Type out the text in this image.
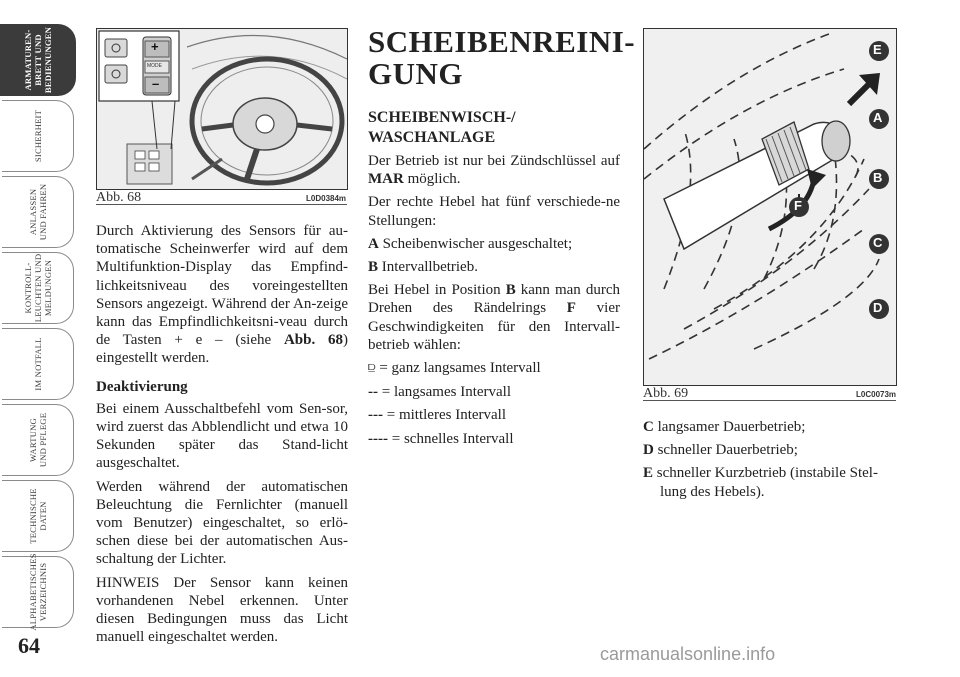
ARMATUREN- BRETT UND BEDIENUNGEN
SICHERHEIT
ANLASSEN UND FAHREN
KONTROLL- LEUCHTEN UND MELDUNGEN
IM NOTFALL
WARTUNG UND PFLEGE
TECHNISCHE DATEN
ALPHABETISCHES VERZEICHNIS
64
+
MODE
–
Abb. 68	L0D0384m

Durch Aktivierung des Sensors für au-tomatische Scheinwerfer wird auf dem Multifunktion-Display das Empfind-lichkeitsniveau des voreingestellten Sensors angezeigt. Während der An-zeige kann das Empfindlichkeitsni-veau durch de Tasten + e – (siehe Abb. 68) eingestellt werden.

Deaktivierung

Bei einem Ausschaltbefehl vom Sen-sor, wird zuerst das Abblendlicht und etwa 10 Sekunden später das Stand-licht ausgeschaltet.

Werden während der automatischen Beleuchtung die Fernlichter (manuell vom Benutzer) eingeschaltet, so erlö-schen diese bei der automatischen Aus-schaltung der Lichter.

HINWEIS Der Sensor kann keinen vorhandenen Nebel erkennen. Unter diesen Bedingungen muss das Licht manuell eingeschaltet werden.

SCHEIBENREINI-
GUNG
SCHEIBENWISCH-/
WASCHANLAGE

Der Betrieb ist nur bei Zündschlüssel auf MAR möglich.

Der rechte Hebel hat fünf verschiede-ne Stellungen:

A Scheibenwischer ausgeschaltet;

B Intervallbetrieb.

Bei Hebel in Position B kann man durch Drehen des Rändelrings F vier Geschwindigkeiten für den Intervall-betrieb wählen:

⫒ = ganz langsames Intervall

-- = langsames Intervall

--- = mittleres Intervall

---- = schnelles Intervall

E
A
B
C
D
F
Abb. 69	L0C0073m

C langsamer Dauerbetrieb;

D schneller Dauerbetrieb;

E schneller Kurzbetrieb (instabile Stel-lung des Hebels).

carmanualsonline.info
